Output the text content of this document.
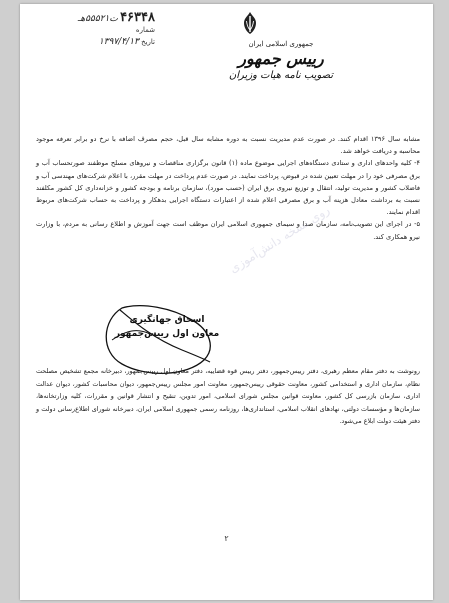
۴۶۳۴۸ ت۵۵۵۲۱هـ
شماره
تاریخ ۱۳۹۷/۴/۱۳	جمهوری اسلامی ایران
رییس جمهور
تصویب نامه هیات وزیران

مشابه سال ۱۳۹۶ اقدام کنند. در صورت عدم مدیریت نسبت به دوره مشابه سال قبل، حجم مصرف اضافه با نرخ دو برابر تعرفه موجود محاسبه و دریافت خواهد شد.

۴- کلیه واحدهای اداری و ستادی دستگاه‌های اجرایی موضوع ماده (۱) قانون برگزاری مناقصات و نیروهای مسلح موظفند صورتحساب آب و برق مصرفی خود را در مهلت تعیین شده در قبوض، پرداخت نمایند. در صورت عدم پرداخت در مهلت مقرر، با اعلام شرکت‌های مهندسی آب و فاضلاب کشور و مدیریت تولید، انتقال و توزیع نیروی برق ایران (حسب مورد)، سازمان برنامه و بودجه کشور و خزانه‌داری کل کشور مکلفند نسبت به برداشت معادل هزینه آب و برق مصرفی اعلام شده از اعتبارات دستگاه اجرایی بدهکار و پرداخت به حساب شرکت‌های مربوط اقدام نمایند.

۵- در اجرای این تصویب‌نامه، سازمان صدا و سیمای جمهوری اسلامی ایران موظف است جهت آموزش و اطلاع رسانی به مردم، با وزارت نیرو همکاری کند.

روی نسخه دانش‌آموزی
اسحاق جهانگیری
معاون اول رییس‌جمهور

رونوشت به دفتر مقام معظم رهبری، دفتر رییس‌جمهور، دفتر رییس قوه قضاییه، دفتر معاون اول رییس‌جمهور، دبیرخانه مجمع تشخیص مصلحت نظام، سازمان اداری و استخدامی کشور، معاونت حقوقی رییس‌جمهور، معاونت امور مجلس رییس‌جمهور، دیوان محاسبات کشور، دیوان عدالت اداری، سازمان بازرسی کل کشور، معاونت قوانین مجلس شورای اسلامی، امور تدوین، تنقیح و انتشار قوانین و مقررات، کلیه وزارتخانه‌ها، سازمان‌ها و مؤسسات دولتی، نهادهای انقلاب اسلامی، استانداری‌ها، روزنامه رسمی جمهوری اسلامی ایران، دبیرخانه شورای اطلاع‌رسانی دولت و دفتر هیئت دولت ابلاغ می‌شود.

۲
